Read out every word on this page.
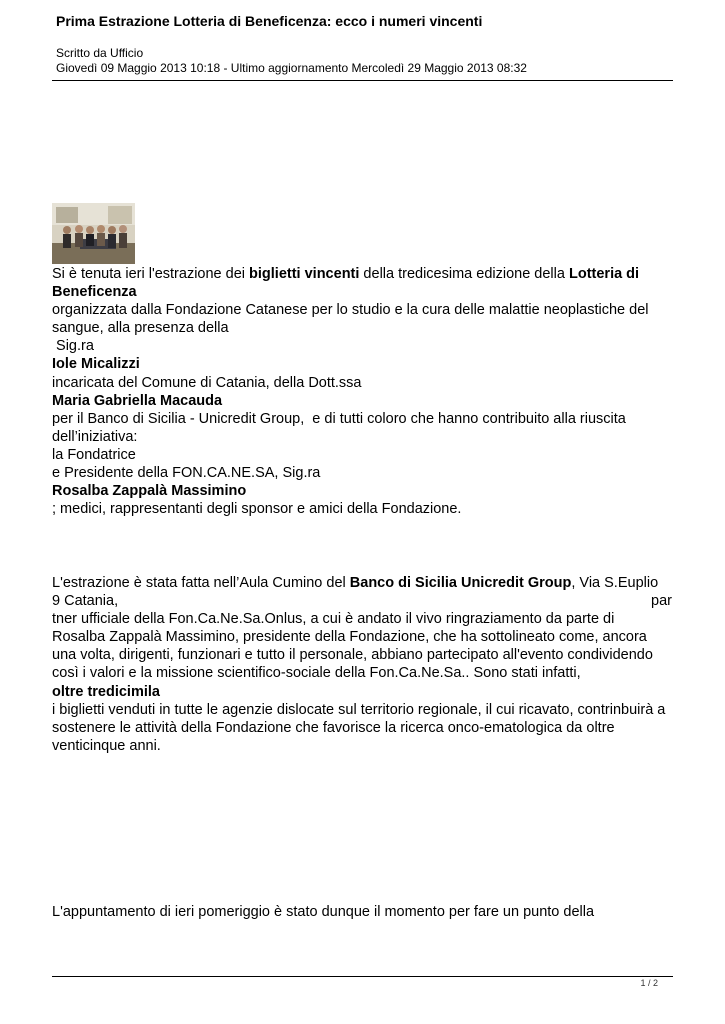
Prima Estrazione Lotteria di Beneficenza: ecco i numeri vincenti
Scritto da Ufficio
Giovedì 09 Maggio 2013 10:18 - Ultimo aggiornamento Mercoledì 29 Maggio 2013 08:32
Si è tenuta ieri l'estrazione dei biglietti vincenti della tredicesima edizione della Lotteria di
Beneficenza
organizzata dalla Fondazione Catanese per lo studio e la cura delle malattie neoplastiche del
sangue, alla presenza della
Sig.ra
Iole Micalizzi
incaricata del Comune di Catania, della Dott.ssa
Maria Gabriella Macauda
per il Banco di Sicilia - Unicredit Group,  e di tutti coloro che hanno contribuito alla riuscita
dell’iniziativa:
la Fondatrice
e Presidente della FON.CA.NE.SA, Sig.ra
Rosalba Zappalà Massimino
; medici, rappresentanti degli sponsor e amici della Fondazione.
L'estrazione è stata fatta nell’Aula Cumino del Banco di Sicilia Unicredit Group, Via S.Euplio
9 Catania,	par
tner ufficiale della Fon.Ca.Ne.Sa.Onlus, a cui è andato il vivo ringraziamento da parte di
Rosalba Zappalà Massimino, presidente della Fondazione, che ha sottolineato come, ancora
una volta, dirigenti, funzionari e tutto il personale, abbiano partecipato all'evento condividendo
così i valori e la missione scientifico-sociale della Fon.Ca.Ne.Sa.. Sono stati infatti,
oltre tredicimila
i biglietti venduti in tutte le agenzie dislocate sul territorio regionale, il cui ricavato, contrinbuirà a
sostenere le attività della Fondazione che favorisce la ricerca onco-ematologica da oltre
venticinque anni.
L'appuntamento di ieri pomeriggio è stato dunque il momento per fare un punto della
1 / 2
